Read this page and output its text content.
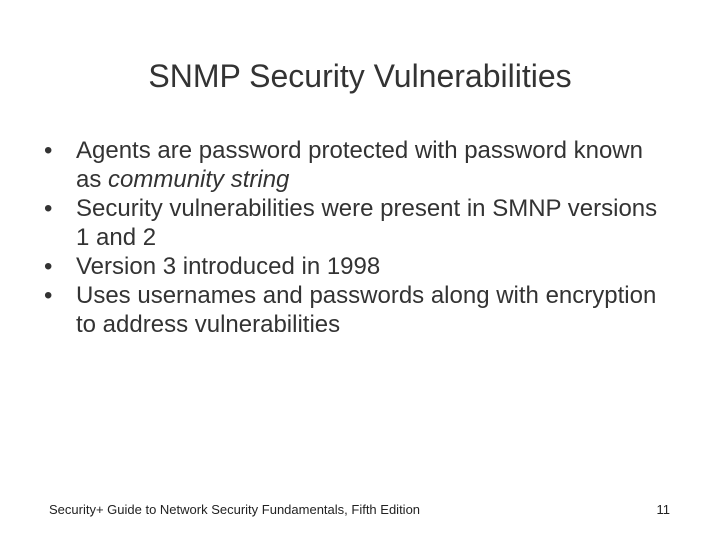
SNMP Security Vulnerabilities
• Agents are password protected with password known as community string
• Security vulnerabilities were present in SMNP versions 1 and 2
• Version 3 introduced in 1998
• Uses usernames and passwords along with encryption to address vulnerabilities
Security+ Guide to Network Security Fundamentals, Fifth Edition	11
